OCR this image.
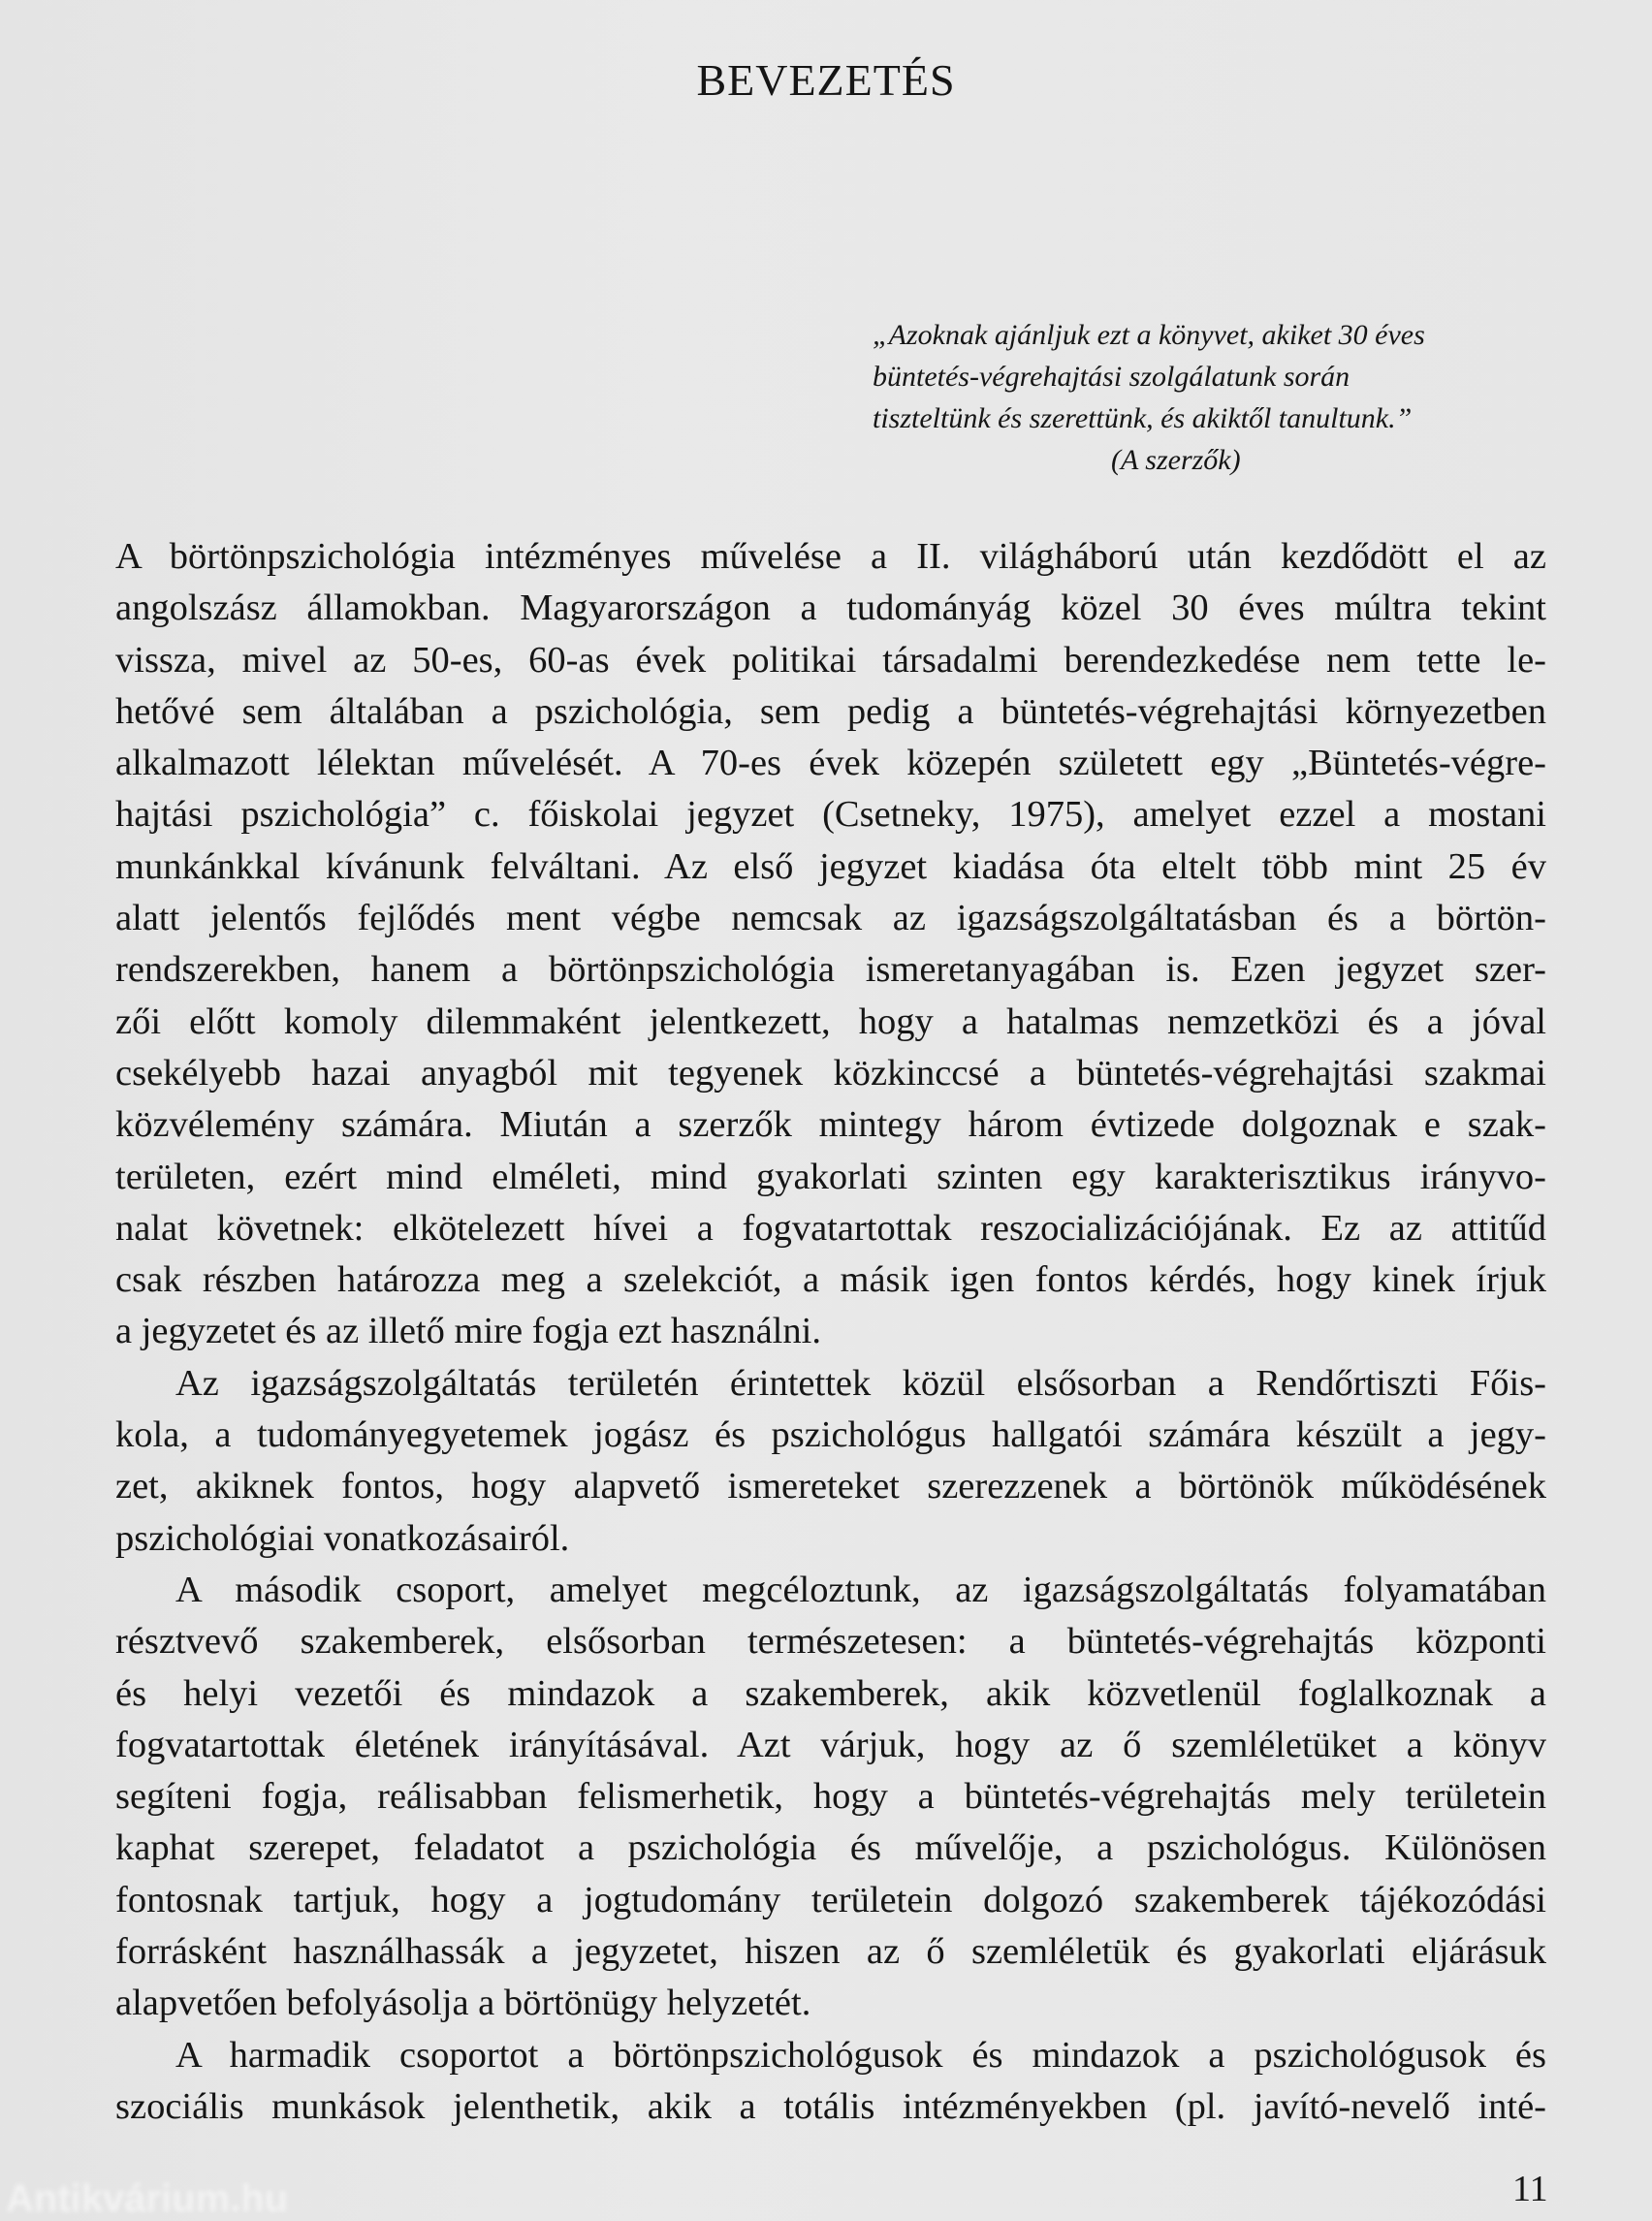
BEVEZETÉS
„Azoknak ajánljuk ezt a könyvet, akiket 30 éves
büntetés-végrehajtási szolgálatunk során
tiszteltünk és szerettünk, és akiktől tanultunk.”
(A szerzők)
A börtönpszichológia intézményes művelése a II. világháború után kezdődött el az
angolszász államokban. Magyarországon a tudományág közel 30 éves múltra tekint
vissza, mivel az 50-es, 60-as évek politikai társadalmi berendezkedése nem tette le-
hetővé sem általában a pszichológia, sem pedig a büntetés-végrehajtási környezetben
alkalmazott lélektan művelését. A 70-es évek közepén született egy „Büntetés-végre-
hajtási pszichológia” c. főiskolai jegyzet (Csetneky, 1975), amelyet ezzel a mostani
munkánkkal kívánunk felváltani. Az első jegyzet kiadása óta eltelt több mint 25 év
alatt jelentős fejlődés ment végbe nemcsak az igazságszolgáltatásban és a börtön-
rendszerekben, hanem a börtönpszichológia ismeretanyagában is. Ezen jegyzet szer-
zői előtt komoly dilemmaként jelentkezett, hogy a hatalmas nemzetközi és a jóval
csekélyebb hazai anyagból mit tegyenek közkinccsé a büntetés-végrehajtási szakmai
közvélemény számára. Miután a szerzők mintegy három évtizede dolgoznak e szak-
területen, ezért mind elméleti, mind gyakorlati szinten egy karakterisztikus irányvo-
nalat követnek: elkötelezett hívei a fogvatartottak reszocializációjának. Ez az attitűd
csak részben határozza meg a szelekciót, a másik igen fontos kérdés, hogy kinek írjuk
a jegyzetet és az illető mire fogja ezt használni.
Az igazságszolgáltatás területén érintettek közül elsősorban a Rendőrtiszti Főis-
kola, a tudományegyetemek jogász és pszichológus hallgatói számára készült a jegy-
zet, akiknek fontos, hogy alapvető ismereteket szerezzenek a börtönök működésének
pszichológiai vonatkozásairól.
A második csoport, amelyet megcéloztunk, az igazságszolgáltatás folyamatában
résztvevő szakemberek, elsősorban természetesen: a büntetés-végrehajtás központi
és helyi vezetői és mindazok a szakemberek, akik közvetlenül foglalkoznak a
fogvatartottak életének irányításával. Azt várjuk, hogy az ő szemléletüket a könyv
segíteni fogja, reálisabban felismerhetik, hogy a büntetés-végrehajtás mely területein
kaphat szerepet, feladatot a pszichológia és művelője, a pszichológus. Különösen
fontosnak tartjuk, hogy a jogtudomány területein dolgozó szakemberek tájékozódási
forrásként használhassák a jegyzetet, hiszen az ő szemléletük és gyakorlati eljárásuk
alapvetően befolyásolja a börtönügy helyzetét.
A harmadik csoportot a börtönpszichológusok és mindazok a pszichológusok és
szociális munkások jelenthetik, akik a totális intézményekben (pl. javító-nevelő inté-
11
Antikvárium.hu
